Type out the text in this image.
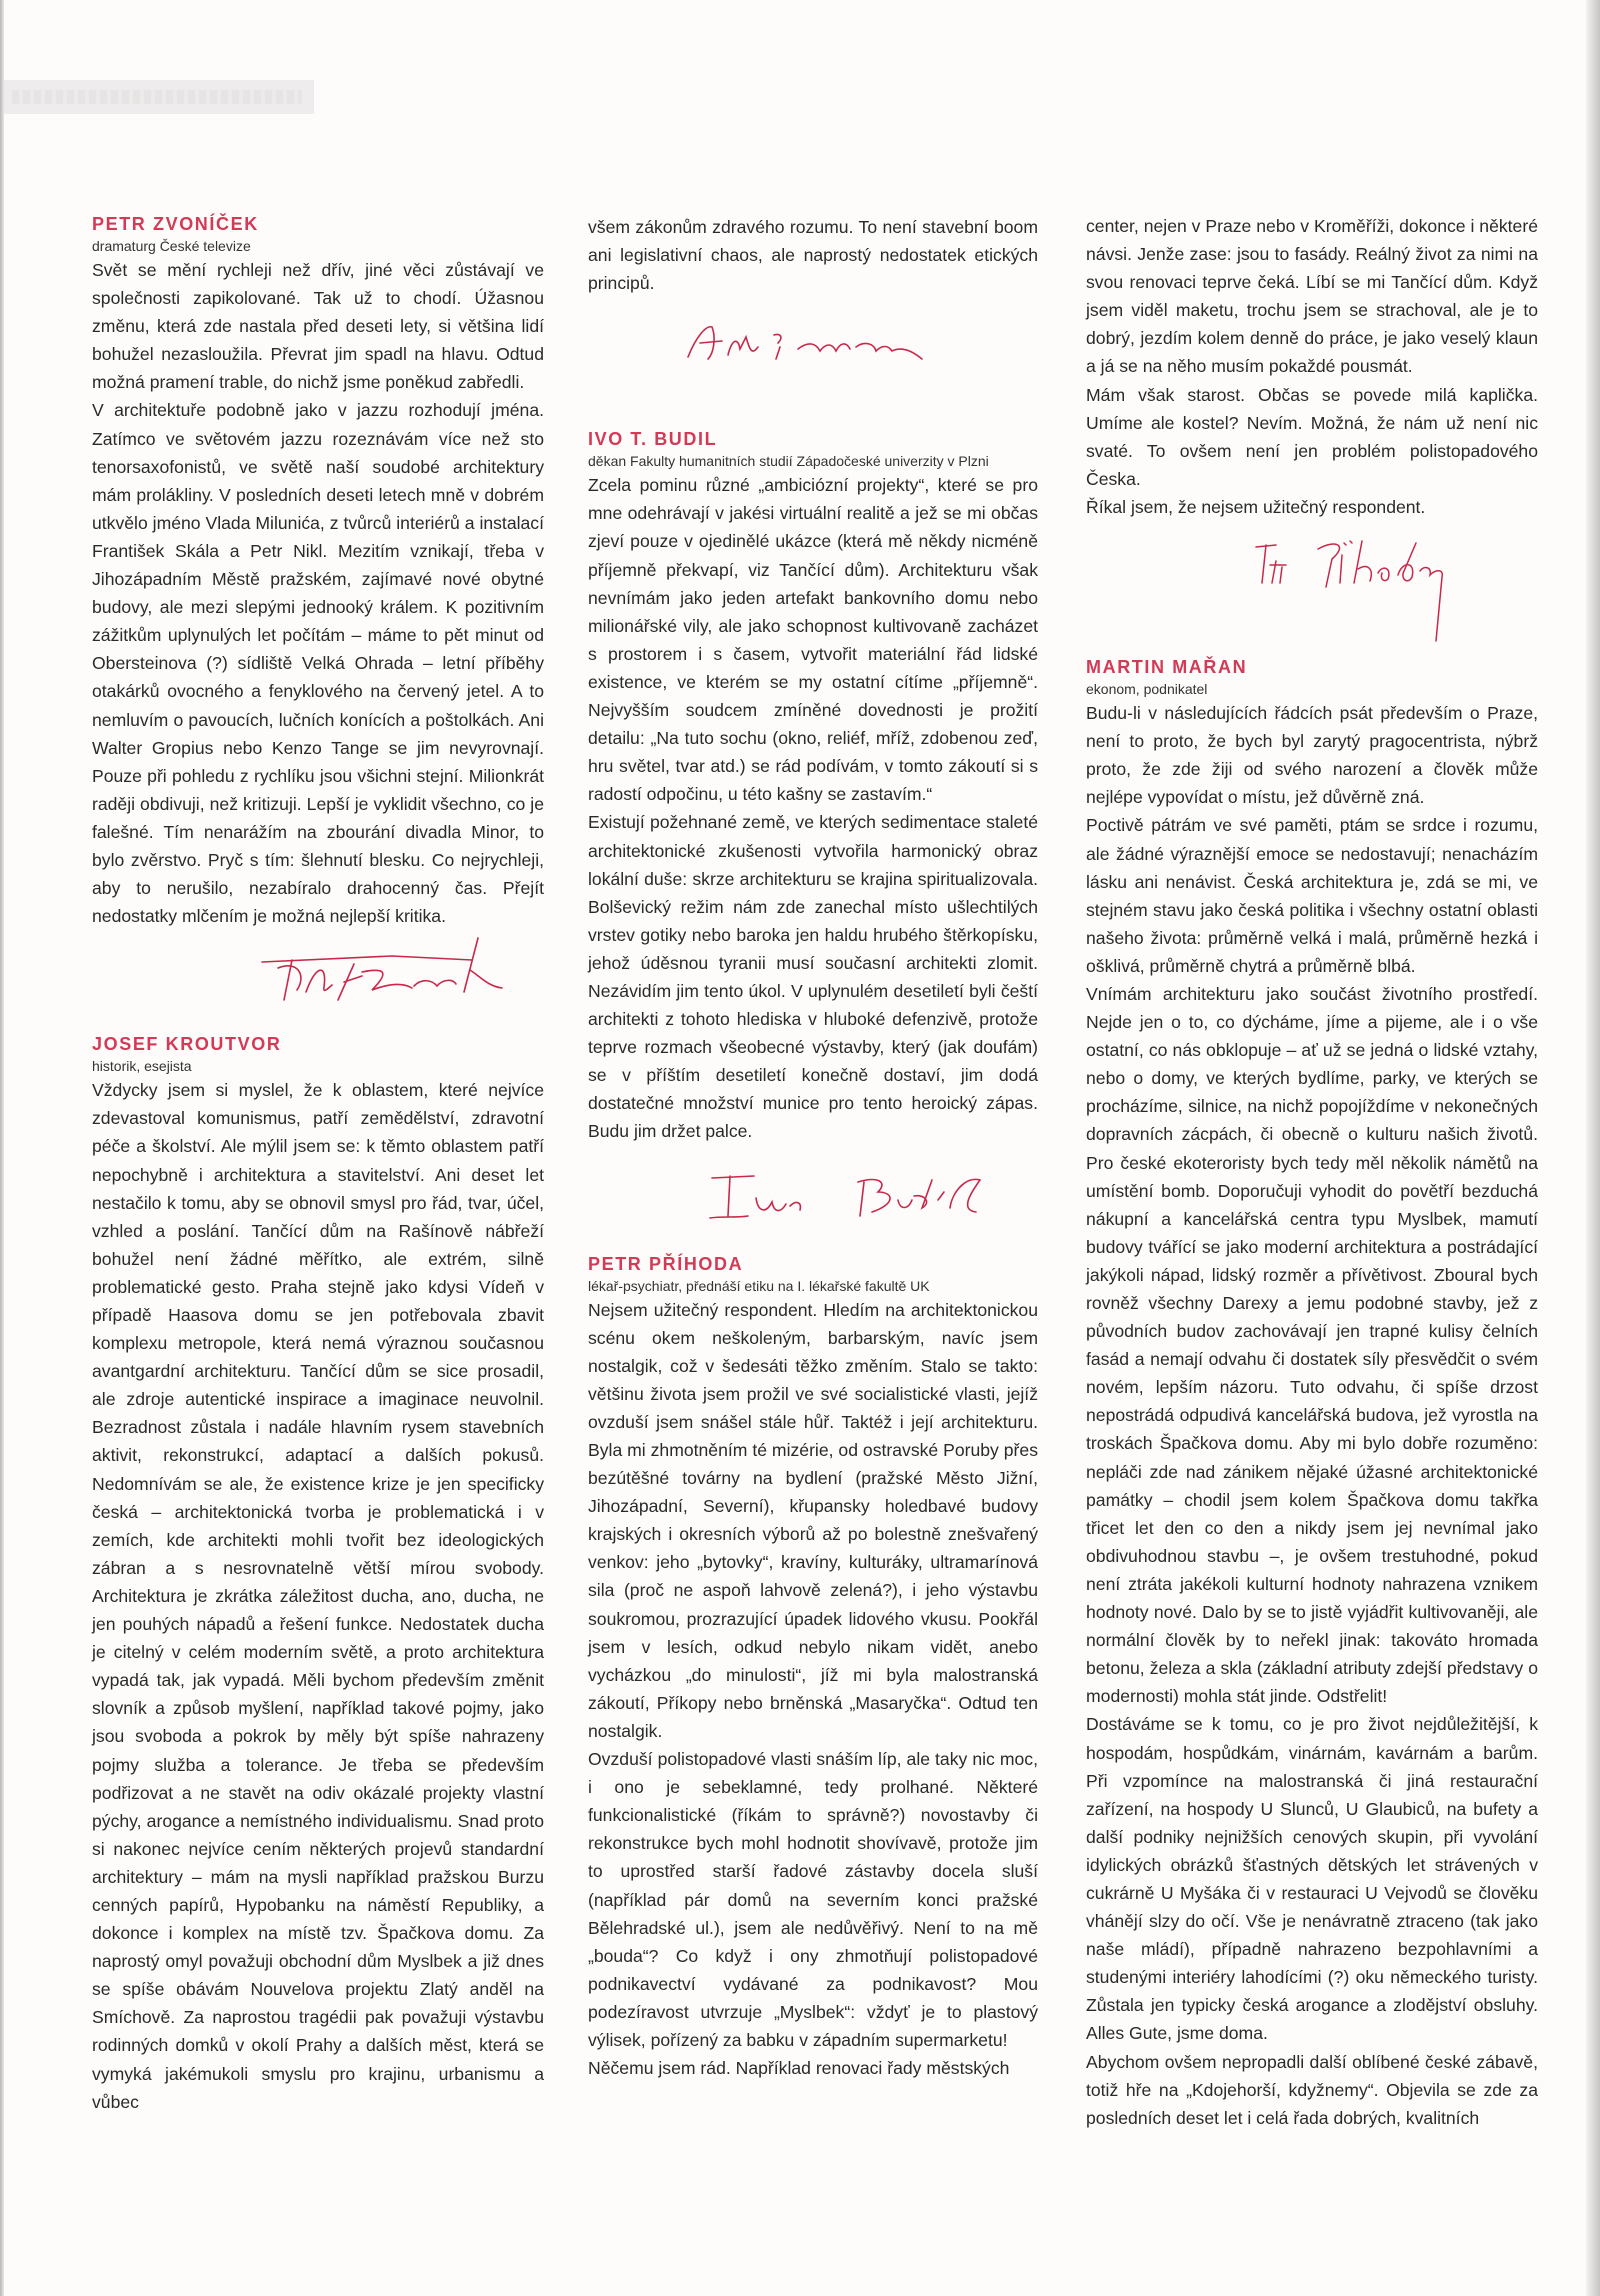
PETR ZVONÍČEK
dramaturg České televize

Svět se mění rychleji než dřív, jiné věci zůstávají ve společnosti zapikolované. Tak už to chodí. Úžasnou změnu, která zde nastala před deseti lety, si většina lidí bohužel nezasloužila. Převrat jim spadl na hlavu. Odtud možná pramení trable, do nichž jsme poněkud zabředli.

V architektuře podobně jako v jazzu rozhodují jména. Zatímco ve světovém jazzu rozeznávám více než sto tenorsaxofonistů, ve světě naší soudobé architektury mám proláklinу. V posledních deseti letech mně v dobrém utkvělo jméno Vlada Milunića, z tvůrců interiérů a instalací František Skála a Petr Nikl. Mezitím vznikají, třeba v Jihozápadním Městě pražském, zajímavé nové obytné budovy, ale mezi slepými jednooký králem. K pozitivním zážitkům uplynulých let počítám – máme to pět minut od Obersteinova (?) sídliště Velká Ohrada – letní příběhy otakárků ovocného a fenyklového na červený jetel. A to nemluvím o pavoucích, lučních konících a poštolkách. Ani Walter Gropius nebo Kenzo Tange se jim nevyrovnají. Pouze při pohledu z rychlíku jsou všichni stejní. Milionkrát raději obdivuji, než kritizuji. Lepší je vyklidit všechno, co je falešné. Tím nenarážím na zbourání divadla Minor, to bylo zvěrstvo. Pryč s tím: šlehnutí blesku. Co nejrychleji, aby to nerušilo, nezabíralo drahocenný čas. Přejít nedostatky mlčením je možná nejlepší kritika.

JOSEF KROUTVOR
historik, esejista

Vždycky jsem si myslel, že k oblastem, které nejvíce zdevastoval komunismus, patří zemědělství, zdravotní péče a školství. Ale mýlil jsem se: k těmto oblastem patří nepochybně i architektura a stavitelství. Ani deset let nestačilo k tomu, aby se obnovil smysl pro řád, tvar, účel, vzhled a poslání. Tančící dům na Rašínově nábřeží bohužel není žádné měřítko, ale extrém, silně problematické gesto. Praha stejně jako kdysi Vídeň v případě Haasova domu se jen potřebovala zbavit komplexu metropole, která nemá výraznou současnou avantgardní architekturu. Tančící dům se sice prosadil, ale zdroje autentické inspirace a imaginace neuvolnil. Bezradnost zůstala i nadále hlavním rysem stavebních aktivit, rekonstrukcí, adaptací a dalších pokusů. Nedomnívám se ale, že existence krize je jen specificky česká – architektonická tvorba je problematická i v zemích, kde architekti mohli tvořit bez ideologických zábran a s nesrovnatelně větší mírou svobody. Architektura je zkrátka záležitost ducha, ano, ducha, ne jen pouhých nápadů a řešení funkce. Nedostatek ducha je citelný v celém moderním světě, a proto architektura vypadá tak, jak vypadá. Měli bychom především změnit slovník a způsob myšlení, například takové pojmy, jako jsou svoboda a pokrok by měly být spíše nahrazeny pojmy služba a tolerance. Je třeba se především podřizovat a ne stavět na odiv okázalé projekty vlastní pýchy, arogance a nemístného individualismu. Snad proto si nakonec nejvíce cením některých projevů standardní architektury – mám na mysli například pražskou Burzu cenných papírů, Hypobanku na náměstí Republiky, a dokonce i komplex na místě tzv. Špačkova domu. Za naprostý omyl považuji obchodní dům Myslbek a již dnes se spíše obávám Nouvelova projektu Zlatý anděl na Smíchově. Za naprostou tragédii pak považuji výstavbu rodinných domků v okolí Prahy a dalších měst, která se vymyká jakémukoli smyslu pro krajinu, urbanismu a vůbec

všem zákonům zdravého rozumu. To není stavební boom ani legislativní chaos, ale naprostý nedostatek etických principů.

IVO T. BUDIL
děkan Fakulty humanitních studií Západočeské univerzity v Plzni

Zcela pominu různé „ambiciózní projekty“, které se pro mne odehrávají v jakési virtuální realitě a jež se mi občas zjeví pouze v ojedinělé ukázce (která mě někdy nicméně příjemně překvapí, viz Tančící dům). Architekturu však nevnímám jako jeden artefakt bankovního domu nebo milionářské vily, ale jako schopnost kultivovaně zacházet s prostorem i s časem, vytvořit materiální řád lidské existence, ve kterém se my ostatní cítíme „příjemně“. Nejvyšším soudcem zmíněné dovednosti je prožití detailu: „Na tuto sochu (okno, reliéf, mříž, zdobenou zeď, hru světel, tvar atd.) se rád podívám, v tomto zákoutí si s radostí odpočinu, u této kašny se zastavím.“

Existují požehnané země, ve kterých sedimentace staleté architektonické zkušenosti vytvořila harmonický obraz lokální duše: skrze architekturu se krajina spiritualizovala. Bolševický režim nám zde zanechal místo ušlechtilých vrstev gotiky nebo baroka jen haldu hrubého štěrkopísku, jehož úděsnou tyranii musí současní architekti zlomit. Nezávidím jim tento úkol. V uplynulém desetiletí byli čeští architekti z tohoto hlediska v hluboké defenzivě, protože teprve rozmach všeobecné výstavby, který (jak doufám) se v příštím desetiletí konečně dostaví, jim dodá dostatečné množství munice pro tento heroický zápas. Budu jim držet palce.

PETR PŘÍHODA
lékař-psychiatr, přednáší etiku na I. lékařské fakultě UK

Nejsem užitečný respondent. Hledím na architektonickou scénu okem neškoleným, barbarským, navíc jsem nostalgik, což v šedesáti těžko změním. Stalo se takto: většinu života jsem prožil ve své socialistické vlasti, jejíž ovzduší jsem snášel stále hůř. Taktéž i její architekturu. Byla mi zhmotněním té mizérie, od ostravské Poruby přes bezútěšné továrny na bydlení (pražské Město Jižní, Jihozápadní, Severní), křupansky holedbavé budovy krajských i okresních výborů až po bolestně znešvařený venkov: jeho „bytovky“, kravíny, kulturáky, ultramarínová sila (proč ne aspoň lahvově zelená?), i jeho výstavbu soukromou, prozrazující úpadek lidového vkusu. Pookřál jsem v lesích, odkud nebylo nikam vidět, anebo vycházkou „do minulosti“, jíž mi byla malostranská zákoutí, Příkopy nebo brněnská „Masaryčka“. Odtud ten nostalgik.

Ovzduší polistopadové vlasti snáším líp, ale taky nic moc, i ono je sebeklamné, tedy prolhané. Některé funkcionalistické (říkám to správně?) novostavby či rekonstrukce bych mohl hodnotit shovívavě, protože jim to uprostřed starší řadové zástavby docela sluší (například pár domů na severním konci pražské Bělehradské ul.), jsem ale nedůvěřivý. Není to na mě „bouda“? Co když i ony zhmotňují polistopadové podnikavectví vydávané za podnikavost? Mou podezíravost utvrzuje „Myslbek“: vždyť je to plastový výlisek, pořízený za babku v západním supermarketu!

Něčemu jsem rád. Například renovaci řady městských

center, nejen v Praze nebo v Kroměříži, dokonce i některé návsi. Jenže zase: jsou to fasády. Reálný život za nimi na svou renovaci teprve čeká. Líbí se mi Tančící dům. Když jsem viděl maketu, trochu jsem se strachoval, ale je to dobrý, jezdím kolem denně do práce, je jako veselý klaun a já se na něho musím pokaždé pousmát.

Mám však starost. Občas se povede milá kaplička. Umíme ale kostel? Nevím. Možná, že nám už není nic svaté. To ovšem není jen problém polistopadového Česka.

Říkal jsem, že nejsem užitečný respondent.

MARTIN MAŘAN
ekonom, podnikatel

Budu-li v následujících řádcích psát především o Praze, není to proto, že bych byl zarytý pragocentrista, nýbrž proto, že zde žiji od svého narození a člověk může nejlépe vypovídat o místu, jež důvěrně zná.

Poctivě pátrám ve své paměti, ptám se srdce i rozumu, ale žádné výraznější emoce se nedostavují; nenacházím lásku ani nenávist. Česká architektura je, zdá se mi, ve stejném stavu jako česká politika i všechny ostatní oblasti našeho života: průměrně velká i malá, průměrně hezká i ošklivá, průměrně chytrá a průměrně blbá.

Vnímám architekturu jako součást životního prostředí. Nejde jen o to, co dýcháme, jíme a pijeme, ale i o vše ostatní, co nás obklopuje – ať už se jedná o lidské vztahy, nebo o domy, ve kterých bydlíme, parky, ve kterých se procházíme, silnice, na nichž popojíždíme v nekonečných dopravních zácpách, či obecně o kulturu našich životů. Pro české ekoteroristy bych tedy měl několik námětů na umístění bomb. Doporučuji vyhodit do povětří bezduchá nákupní a kancelářská centra typu Myslbek, mamutí budovy tvářící se jako moderní architektura a postrádající jakýkoli nápad, lidský rozměr a přívětivost. Zboural bych rovněž všechny Darexy a jemu podobné stavby, jež z původních budov zachovávají jen trapné kulisy čelních fasád a nemají odvahu či dostatek síly přesvědčit o svém novém, lepším názoru. Tuto odvahu, či spíše drzost nepostrádá odpudivá kancelářská budova, jež vyrostla na troskách Špačkova domu. Aby mi bylo dobře rozuměno: nepláči zde nad zánikem nějaké úžasné architektonické památky – chodil jsem kolem Špačkova domu takřka třicet let den co den a nikdy jsem jej nevnímal jako obdivuhodnou stavbu –, je ovšem trestuhodné, pokud není ztráta jakékoli kulturní hodnoty nahrazena vznikem hodnoty nové. Dalo by se to jistě vyjádřit kultivovaněji, ale normální člověk by to neřekl jinak: takováto hromada betonu, železa a skla (základní atributy zdejší představy o modernosti) mohla stát jinde. Odstřelit!

Dostáváme se k tomu, co je pro život nejdůležitější, k hospodám, hospůdkám, vinárnám, kavárnám a barům. Při vzpomínce na malostranská či jiná restaurační zařízení, na hospody U Slunců, U Glaubiců, na bufety a další podniky nejnižších cenových skupin, při vyvolání idylických obrázků šťastných dětských let strávených v cukrárně U Myšáka či v restauraci U Vejvodů se člověku vhánějí slzy do očí. Vše je nenávratně ztraceno (tak jako naše mládí), případně nahrazeno bezpohlavními a studenými interiéry lahodícími (?) oku německého turisty. Zůstala jen typicky česká arogance a zlodějství obsluhy. Alles Gute, jsme doma.

Abychom ovšem nepropadli další oblíbené české zábavě, totiž hře na „Kdojehorší, kdyžnemy“. Objevila se zde za posledních deset let i celá řada dobrých, kvalitních
